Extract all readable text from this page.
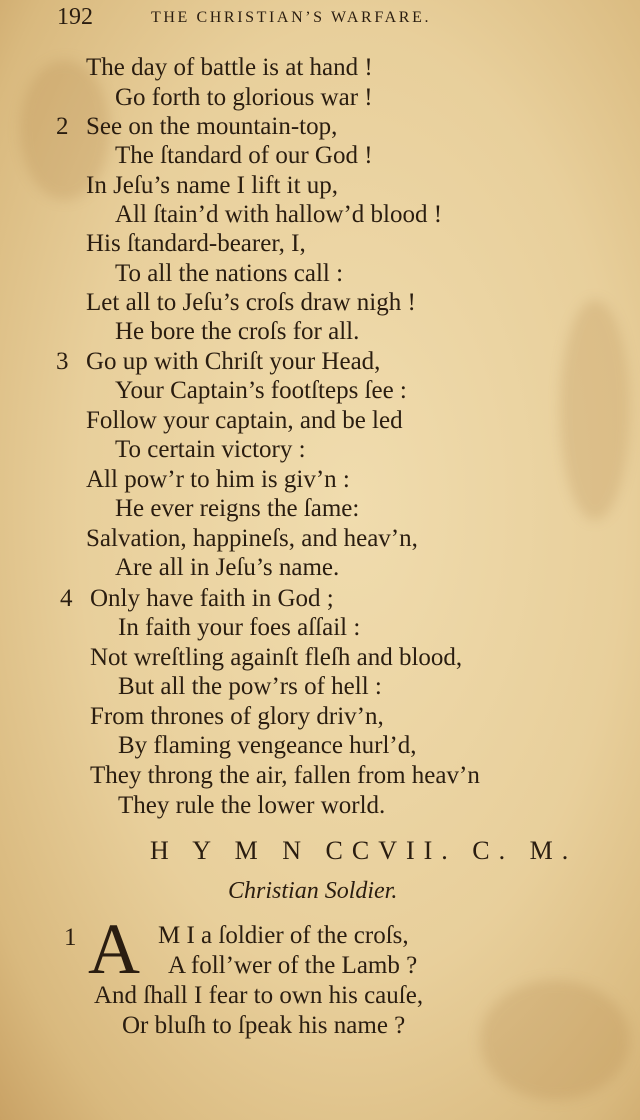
192	THE CHRISTIAN’S WARFARE.
The day of battle is at hand !
Go forth to glorious war !
2 See on the mountain-top,
The ſtandard of our God !
In Jeſu’s name I lift it up,
All ſtain’d with hallow’d blood !
His ſtandard-bearer, I,
To all the nations call :
Let all to Jeſu’s croſs draw nigh !
He bore the croſs for all.
3 Go up with Chriſt your Head,
Your Captain’s footſteps ſee :
Follow your captain, and be led
To certain victory :
All pow’r to him is giv’n :
He ever reigns the ſame:
Salvation, happineſs, and heav’n,
Are all in Jeſu’s name.
4 Only have faith in God ;
In faith your foes aſſail :
Not wreſtling againſt fleſh and blood,
But all the pow’rs of hell :
From thrones of glory driv’n,
By flaming vengeance hurl’d,
They throng the air, fallen from heav’n
They rule the lower world.
H Y M N CCVII. C. M.
Christian Soldier.
1 A M I a ſoldier of the croſs,
A foll’wer of the Lamb ?
And ſhall I fear to own his cauſe,
Or bluſh to ſpeak his name ?
